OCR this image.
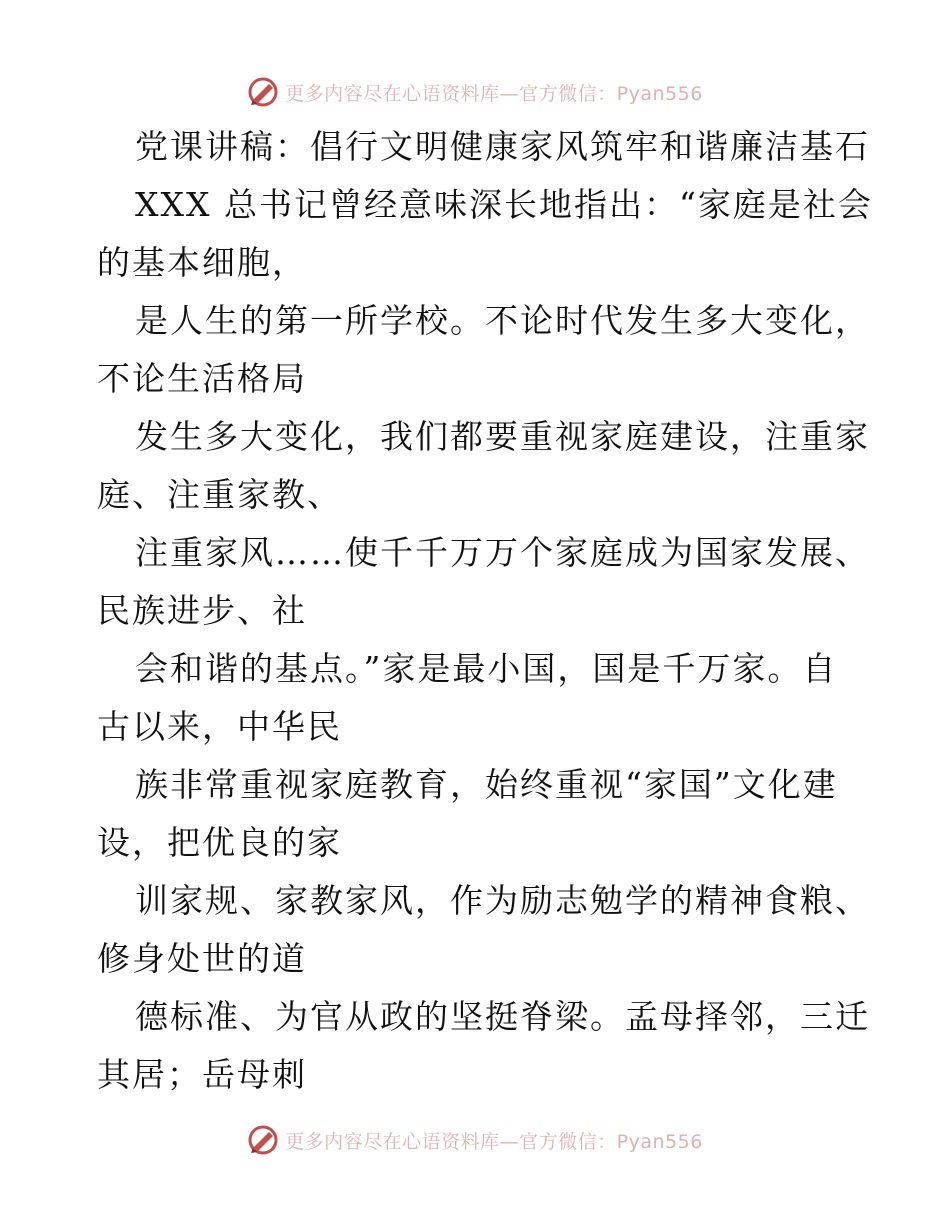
更多内容尽在心语资料库—官方微信：Pyan556
党课讲稿：倡行文明健康家风筑牢和谐廉洁基石
XXX 总书记曾经意味深长地指出：“家庭是社会
的基本细胞，
是人生的第一所学校。不论时代发生多大变化，
不论生活格局
发生多大变化，我们都要重视家庭建设，注重家
庭、注重家教、
注重家风……使千千万万个家庭成为国家发展、
民族进步、社
会和谐的基点。”家是最小国，国是千万家。自
古以来，中华民
族非常重视家庭教育，始终重视“家国”文化建
设，把优良的家
训家规、家教家风，作为励志勉学的精神食粮、
修身处世的道
德标准、为官从政的坚挺脊梁。孟母择邻，三迁
其居；岳母刺
更多内容尽在心语资料库—官方微信：Pyan556
